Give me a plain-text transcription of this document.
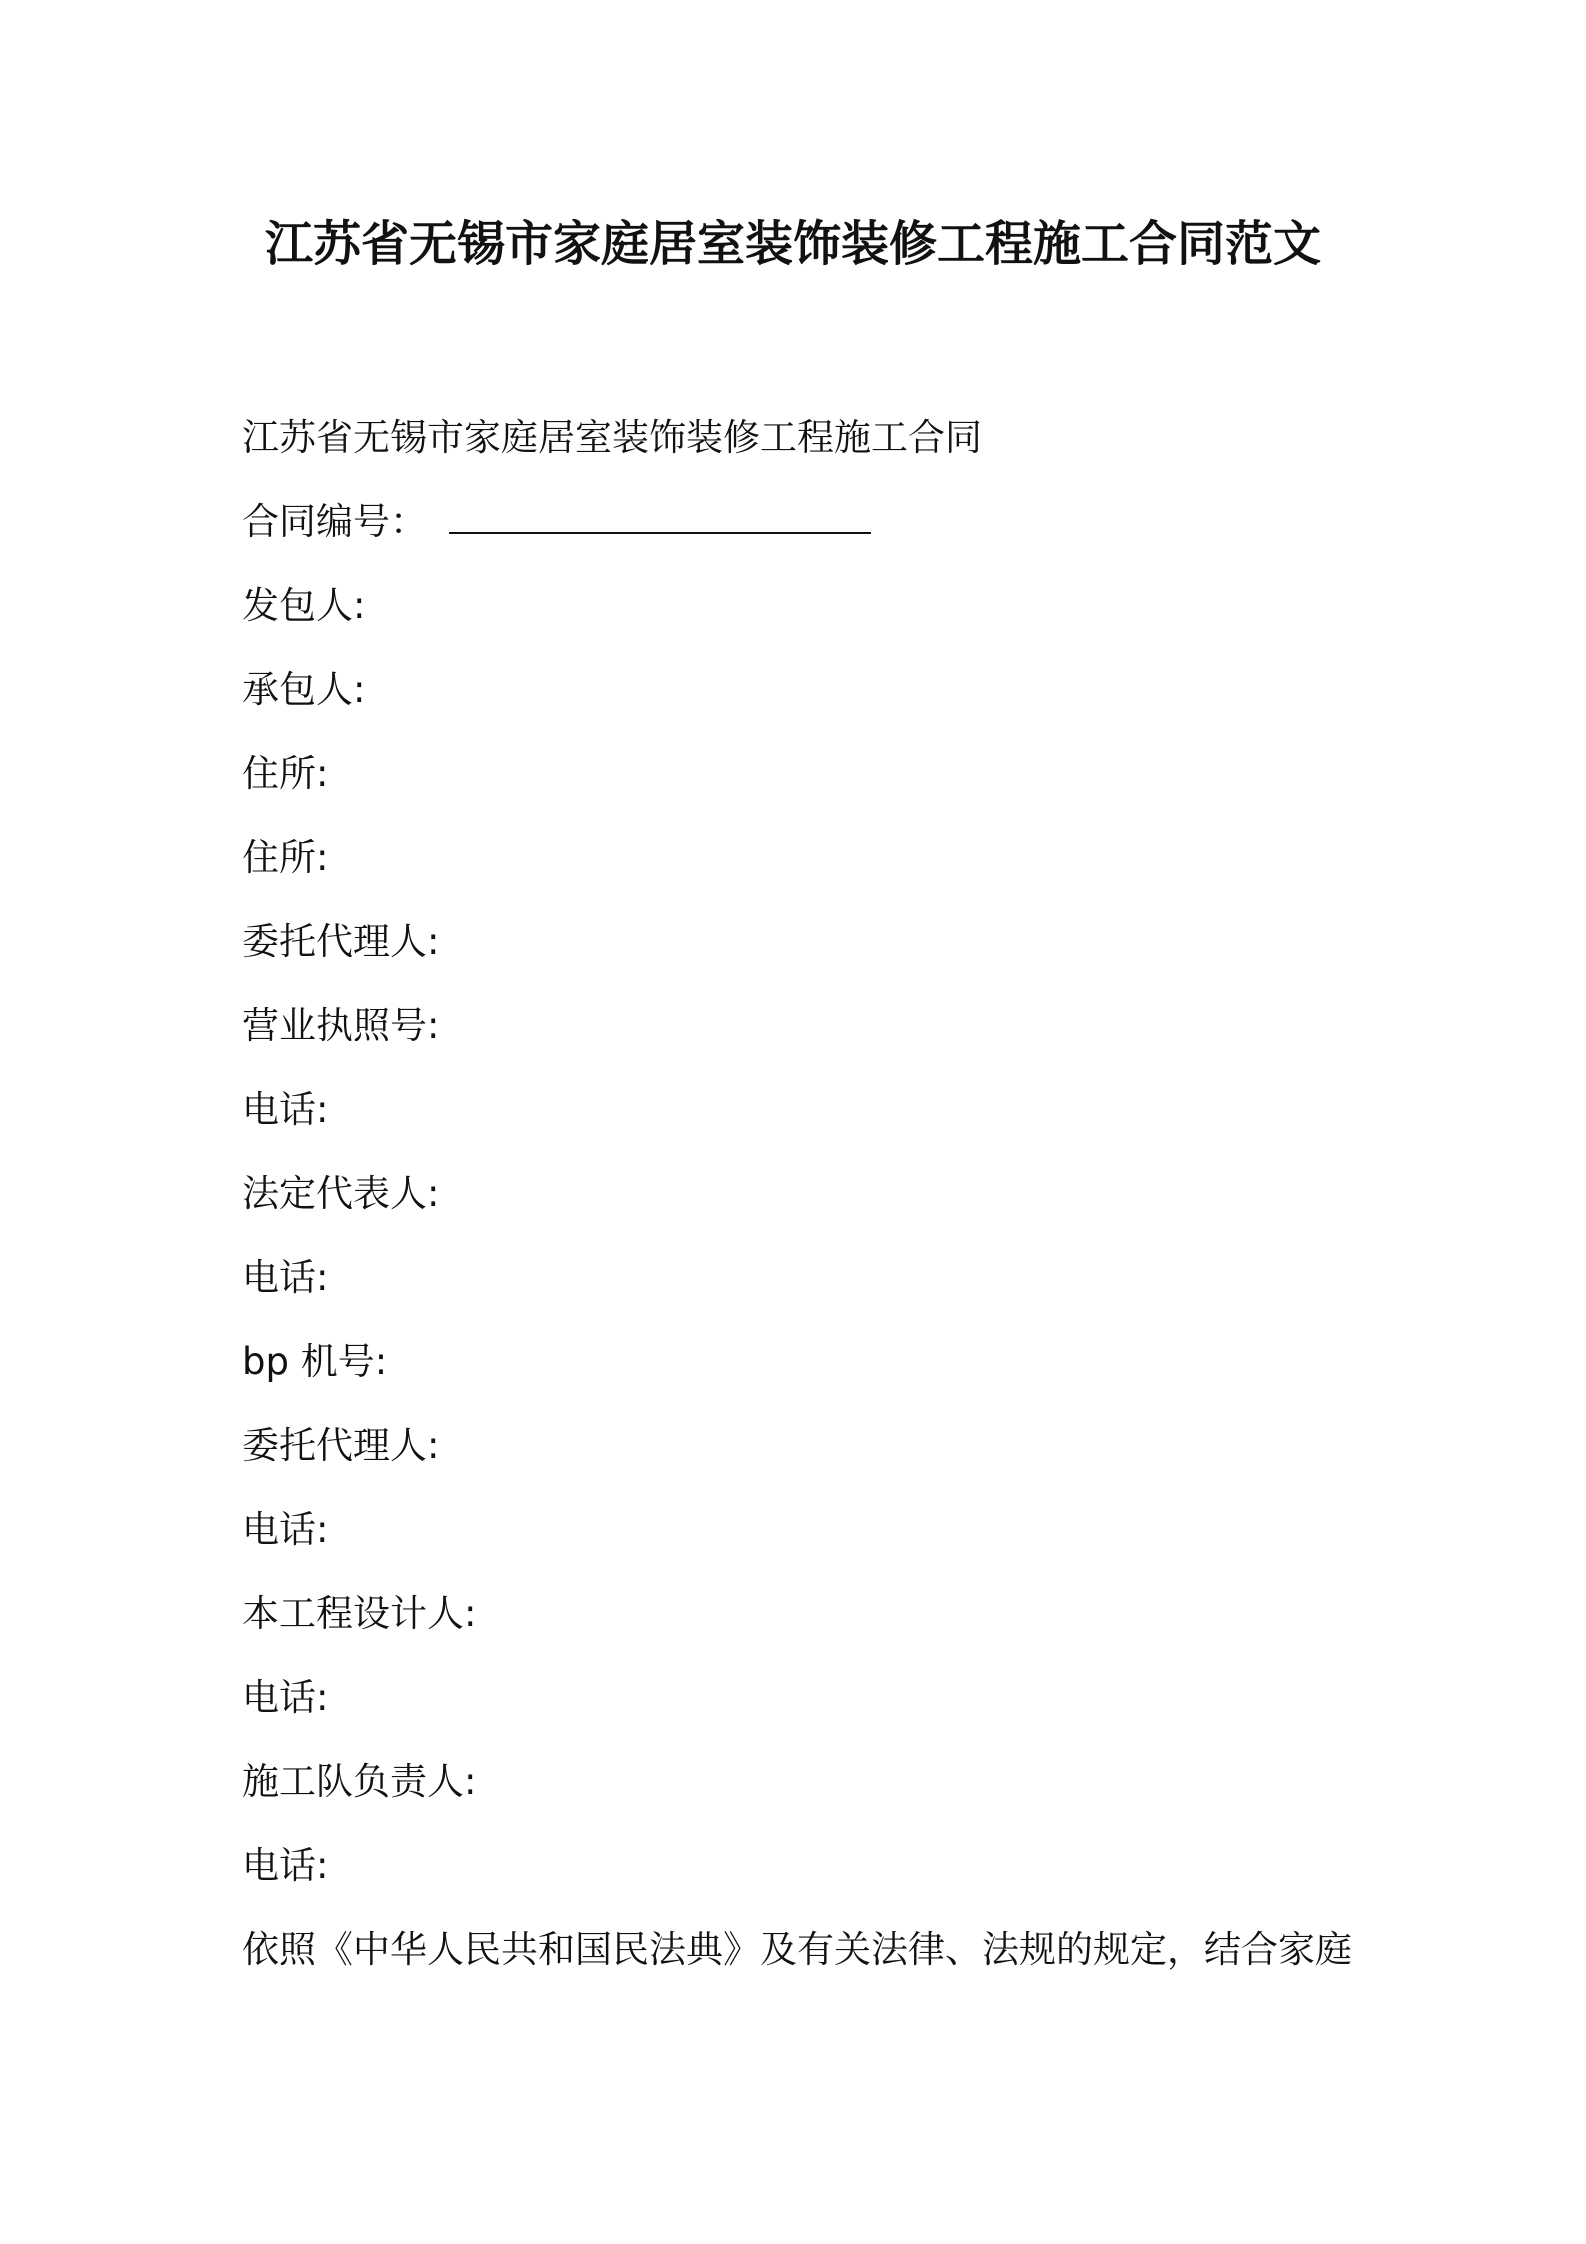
江苏省无锡市家庭居室装饰装修工程施工合同范文
江苏省无锡市家庭居室装饰装修工程施工合同
合同编号：
发包人:
承包人:
住所:
住所:
委托代理人:
营业执照号:
电话:
法定代表人:
电话:
bp 机号:
委托代理人:
电话:
本工程设计人:
电话:
施工队负责人:
电话:
依照《中华人民共和国民法典》及有关法律、法规的规定，结合家庭
